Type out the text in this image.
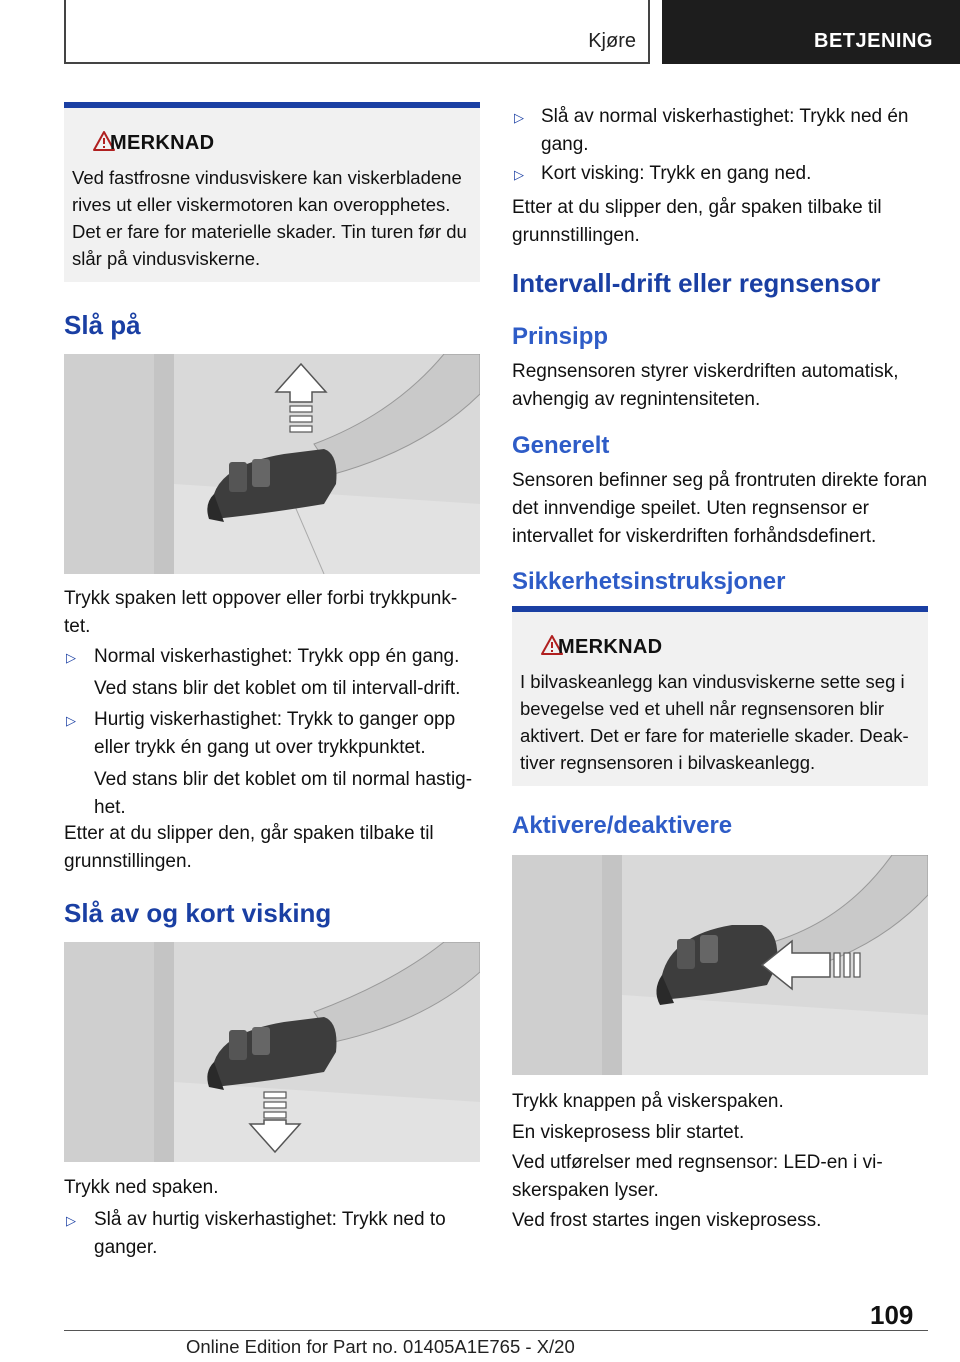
Kjøre	BETJENING
MERKNAD

Ved fastfrosne vindusviskere kan viskerbladene rives ut eller viskermotoren kan overopphetes. Det er fare for materielle skader. Tin turen før du slår på vindusviskerne.

Slå på

Trykk spaken lett oppover eller forbi trykkpunk-tet.

▷ Normal viskerhastighet: Trykk opp én gang.

Ved stans blir det koblet om til intervall-drift.

▷ Hurtig viskerhastighet: Trykk to ganger opp eller trykk én gang ut over trykkpunktet.

Ved stans blir det koblet om til normal hastig-het.

Etter at du slipper den, går spaken tilbake til grunnstillingen.

Slå av og kort visking

Trykk ned spaken.

▷ Slå av hurtig viskerhastighet: Trykk ned to ganger.

▷ Slå av normal viskerhastighet: Trykk ned én gang.

▷ Kort visking: Trykk en gang ned.

Etter at du slipper den, går spaken tilbake til grunnstillingen.

Intervall-drift eller regnsensor
Prinsipp

Regnsensoren styrer viskerdriften automatisk, avhengig av regnintensiteten.

Generelt

Sensoren befinner seg på frontruten direkte foran det innvendige speilet. Uten regnsensor er intervallet for viskerdriften forhåndsdefinert.

Sikkerhetsinstruksjoner
MERKNAD

I bilvaskeanlegg kan vindusviskerne sette seg i bevegelse ved et uhell når regnsensoren blir aktivert. Det er fare for materielle skader. Deak-tiver regnsensoren i bilvaskeanlegg.

Aktivere/deaktivere

Trykk knappen på viskerspaken.

En viskeprosess blir startet.

Ved utførelser med regnsensor: LED-en i vi-skerspaken lyser.

Ved frost startes ingen viskeprosess.

109
Online Edition for Part no. 01405A1E765 - X/20
